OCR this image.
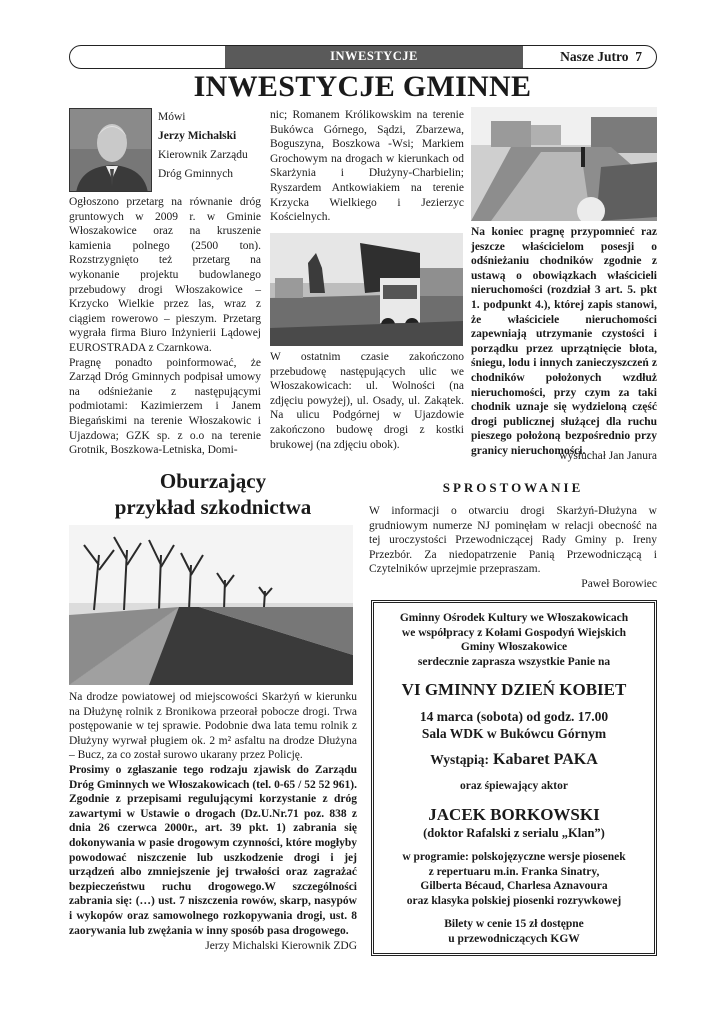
INWESTYCJE	Nasze Jutro 7
INWESTYCJE GMINNE
Mówi
Jerzy Michalski
Kierownik Zarządu
Dróg Gminnych

Ogłoszono przetarg na równanie dróg gruntowych w 2009 r. w Gminie Włoszakowice oraz na kruszenie kamienia polnego (2500 ton). Rozstrzygnięto też przetarg na wykonanie projektu budowlanego przebudowy drogi Włoszakowice – Krzycko Wielkie przez las, wraz z ciągiem rowerowo – pieszym. Przetarg wygrała firma Biuro Inżynierii Lądowej EUROSTRADA z Czarnkowa.

Pragnę ponadto poinformować, że Zarząd Dróg Gminnych podpisał umowy na odśnieżanie z następującymi podmiotami: Kazimierzem i Janem Biegańskimi na terenie Włoszakowic i Ujazdowa; GZK sp. z o.o na terenie Grotnik, Boszkowa-Letniska, Domi-

nic; Romanem Królikowskim na terenie Bukówca Górnego, Sądzi, Zbarzewa, Boguszyna, Boszkowa -Wsi; Markiem Grochowym na drogach w kierunkach od Skarżynia i Dłużyny-Charbielin; Ryszardem Antkowiakiem na terenie Krzycka Wielkiego i Jezierzyc Kościelnych.

W ostatnim czasie zakończono przebudowę następujących ulic we Włoszakowicach: ul. Wolności (na zdjęciu powyżej), ul. Osady, ul. Zakątek. Na ulicu Podgórnej w Ujazdowie zakończono budowę drogi z kostki brukowej (na zdjęciu obok).

Na koniec pragnę przypomnieć raz jeszcze właścicielom posesji o odśnieżaniu chodników zgodnie z ustawą o obowiązkach właścicieli nieruchomości (rozdział 3 art. 5. pkt 1. podpunkt 4.), której zapis stanowi, że właściciele nieruchomości zapewniają utrzymanie czystości i porządku przez uprzątnięcie błota, śniegu, lodu i innych zanieczyszczeń z chodników położonych wzdłuż nieruchomości, przy czym za taki chodnik uznaje się wydzieloną część drogi publicznej służącej dla ruchu pieszego położoną bezpośrednio przy granicy nieruchomości.

wysłuchał Jan Janura
Oburzający
przykład szkodnictwa

Na drodze powiatowej od miejscowości Skarżyń w kierunku na Dłużynę rolnik z Bronikowa przeorał pobocze drogi. Trwa postępowanie w tej sprawie. Podobnie dwa lata temu rolnik z Dłużyny wyrwał pługiem ok. 2 m² asfaltu na drodze Dłużyna – Bucz, za co został surowo ukarany przez Policję.

Prosimy o zgłaszanie tego rodzaju zjawisk do Zarządu Dróg Gminnych we Włoszakowicach (tel. 0-65 / 52 52 961). Zgodnie z przepisami regulującymi korzystanie z dróg zawartymi w Ustawie o drogach (Dz.U.Nr.71 poz. 838 z dnia 26 czerwca 2000r., art. 39 pkt. 1) zabrania się dokonywania w pasie drogowym czynności, które mogłyby powodować niszczenie lub uszkodzenie drogi i jej urządzeń albo zmniejszenie jej trwałości oraz zagrażać bezpieczeństwu ruchu drogowego.W szczególności zabrania się: (…) ust. 7 niszczenia rowów, skarp, nasypów i wykopów oraz samowolnego rozkopywania drogi, ust. 8 zaorywania lub zwężania w inny sposób pasa drogowego.

Jerzy Michalski Kierownik ZDG
SPROSTOWANIE

W informacji o otwarciu drogi Skarżyń-Dłużyna w grudniowym numerze NJ pominęłam w relacji obecność na tej uroczystości Przewodniczącej Rady Gminy p. Ireny Przezbór. Za niedopatrzenie Panią Przewodniczącą i Czytelników uprzejmie przepraszam.

Paweł Borowiec

Gminny Ośrodek Kultury we Włoszakowicach

we współpracy z Kołami Gospodyń Wiejskich

Gminy Włoszakowice

serdecznie zaprasza wszystkie Panie na

VI GMINNY DZIEŃ KOBIET

14 marca (sobota) od godz. 17.00

Sala WDK w Bukówcu Górnym

Wystąpią: Kabaret PAKA

oraz śpiewający aktor

JACEK BORKOWSKI

(doktor Rafalski z serialu „Klan”)

w programie: polskojęzyczne wersje piosenek

z repertuaru m.in. Franka Sinatry,

Gilberta Bécaud, Charlesa Aznavoura

oraz klasyka polskiej piosenki rozrywkowej

Bilety w cenie 15 zł dostępne

u przewodniczących KGW
